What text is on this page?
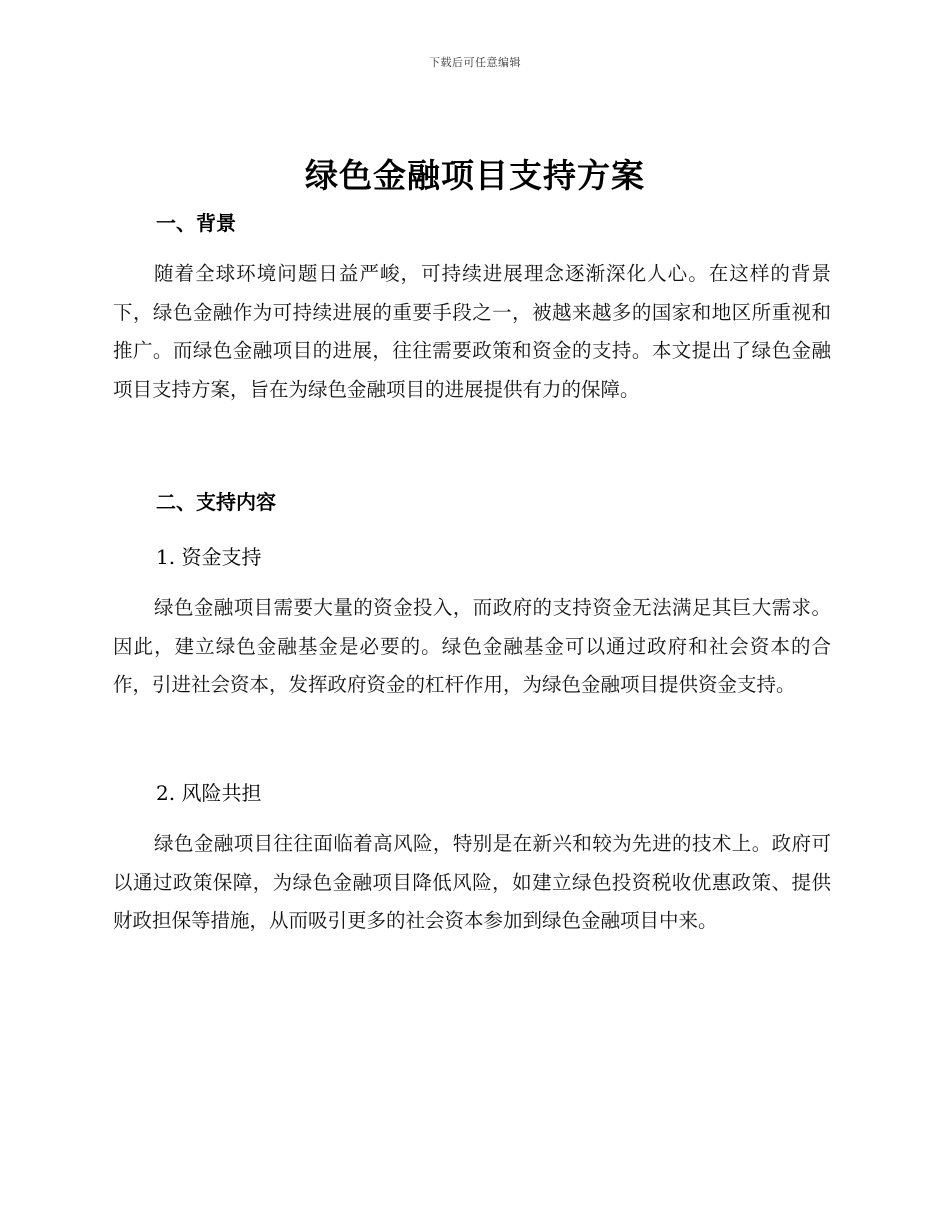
下载后可任意编辑
绿色金融项目支持方案
一、背景

随着全球环境问题日益严峻，可持续进展理念逐渐深化人心。在这样的背景下，绿色金融作为可持续进展的重要手段之一，被越来越多的国家和地区所重视和推广。而绿色金融项目的进展，往往需要政策和资金的支持。本文提出了绿色金融项目支持方案，旨在为绿色金融项目的进展提供有力的保障。

二、支持内容
1. 资金支持

绿色金融项目需要大量的资金投入，而政府的支持资金无法满足其巨大需求。因此，建立绿色金融基金是必要的。绿色金融基金可以通过政府和社会资本的合作，引进社会资本，发挥政府资金的杠杆作用，为绿色金融项目提供资金支持。

2. 风险共担

绿色金融项目往往面临着高风险，特别是在新兴和较为先进的技术上。政府可以通过政策保障，为绿色金融项目降低风险，如建立绿色投资税收优惠政策、提供财政担保等措施，从而吸引更多的社会资本参加到绿色金融项目中来。
